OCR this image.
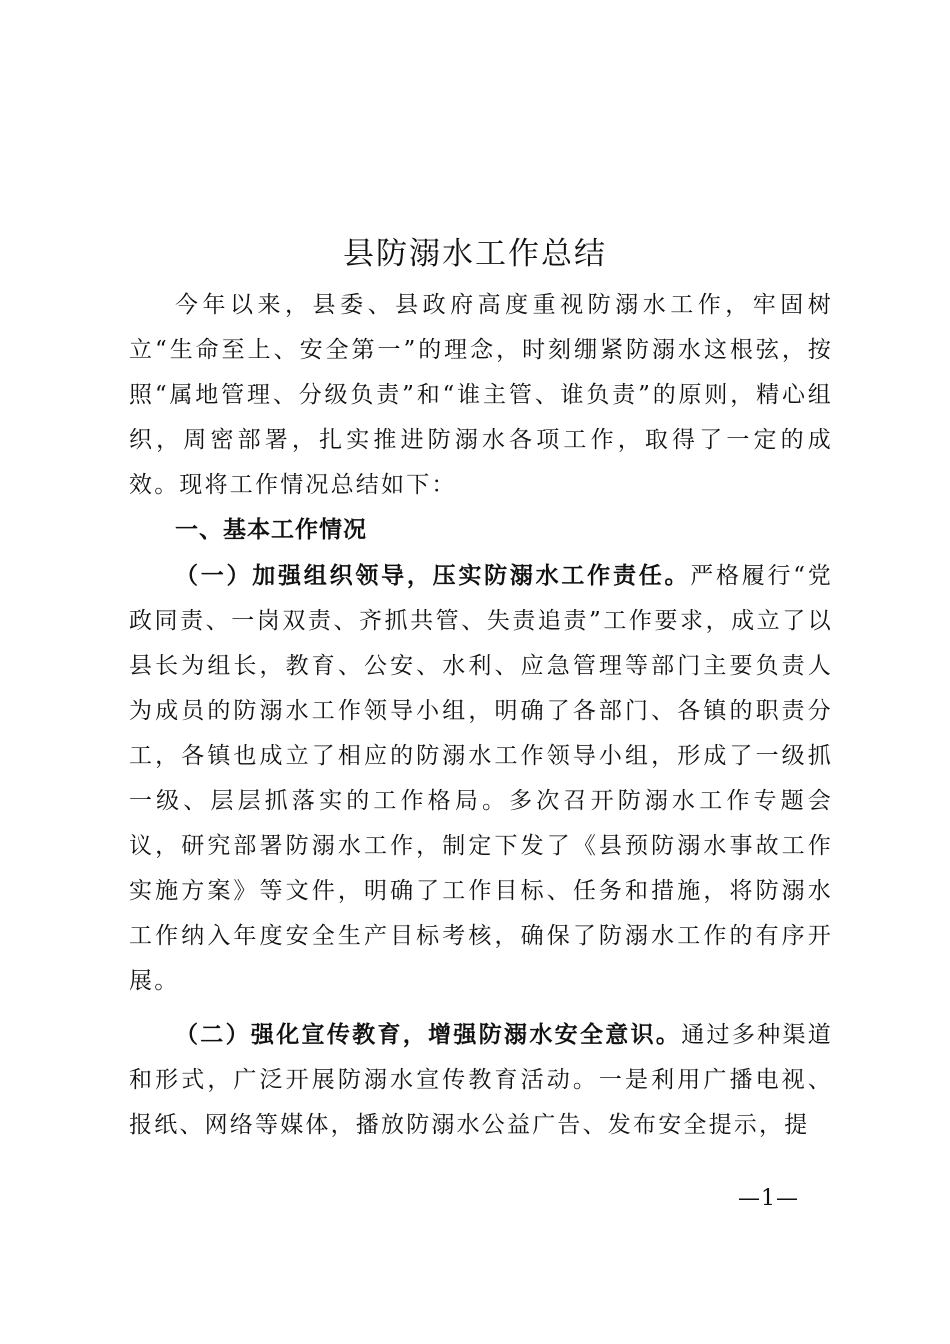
县防溺水工作总结

今年以来，县委、县政府高度重视防溺水工作，牢固树立“生命至上、安全第一”的理念，时刻绷紧防溺水这根弦，按照“属地管理、分级负责”和“谁主管、谁负责”的原则，精心组织，周密部署，扎实推进防溺水各项工作，取得了一定的成效。现将工作情况总结如下：

一、基本工作情况

（一）加强组织领导，压实防溺水工作责任。严格履行“党政同责、一岗双责、齐抓共管、失责追责”工作要求，成立了以县长为组长，教育、公安、水利、应急管理等部门主要负责人为成员的防溺水工作领导小组，明确了各部门、各镇的职责分工，各镇也成立了相应的防溺水工作领导小组，形成了一级抓一级、层层抓落实的工作格局。多次召开防溺水工作专题会议，研究部署防溺水工作，制定下发了《县预防溺水事故工作实施方案》等文件，明确了工作目标、任务和措施，将防溺水工作纳入年度安全生产目标考核，确保了防溺水工作的有序开展。

（二）强化宣传教育，增强防溺水安全意识。通过多种渠道和形式，广泛开展防溺水宣传教育活动。一是利用广播电视、报纸、网络等媒体，播放防溺水公益广告、发布安全提示，提

—1—
